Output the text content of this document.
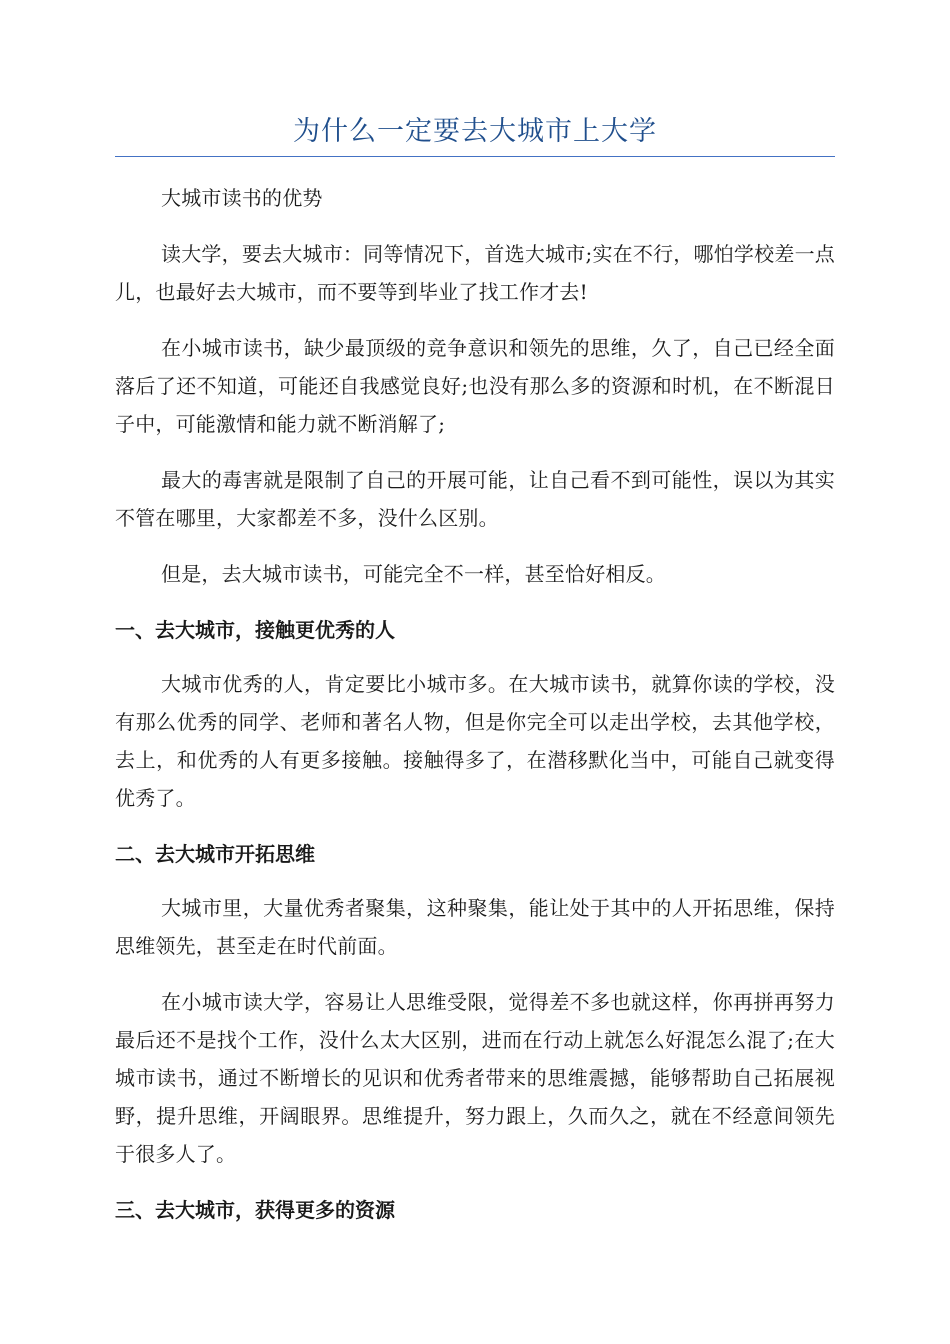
为什么一定要去大城市上大学

大城市读书的优势

读大学，要去大城市：同等情况下，首选大城市;实在不行，哪怕学校差一点儿，也最好去大城市，而不要等到毕业了找工作才去!

在小城市读书，缺少最顶级的竞争意识和领先的思维，久了，自己已经全面落后了还不知道，可能还自我感觉良好;也没有那么多的资源和时机，在不断混日子中，可能激情和能力就不断消解了;

最大的毒害就是限制了自己的开展可能，让自己看不到可能性，误以为其实不管在哪里，大家都差不多，没什么区别。

但是，去大城市读书，可能完全不一样，甚至恰好相反。

一、去大城市，接触更优秀的人

大城市优秀的人，肯定要比小城市多。在大城市读书，就算你读的学校，没有那么优秀的同学、老师和著名人物，但是你完全可以走出学校，去其他学校，去上，和优秀的人有更多接触。接触得多了，在潜移默化当中，可能自己就变得优秀了。

二、去大城市开拓思维

大城市里，大量优秀者聚集，这种聚集，能让处于其中的人开拓思维，保持思维领先，甚至走在时代前面。

在小城市读大学，容易让人思维受限，觉得差不多也就这样，你再拼再努力最后还不是找个工作，没什么太大区别，进而在行动上就怎么好混怎么混了;在大城市读书，通过不断增长的见识和优秀者带来的思维震撼，能够帮助自己拓展视野，提升思维，开阔眼界。思维提升，努力跟上，久而久之，就在不经意间领先于很多人了。

三、去大城市，获得更多的资源
